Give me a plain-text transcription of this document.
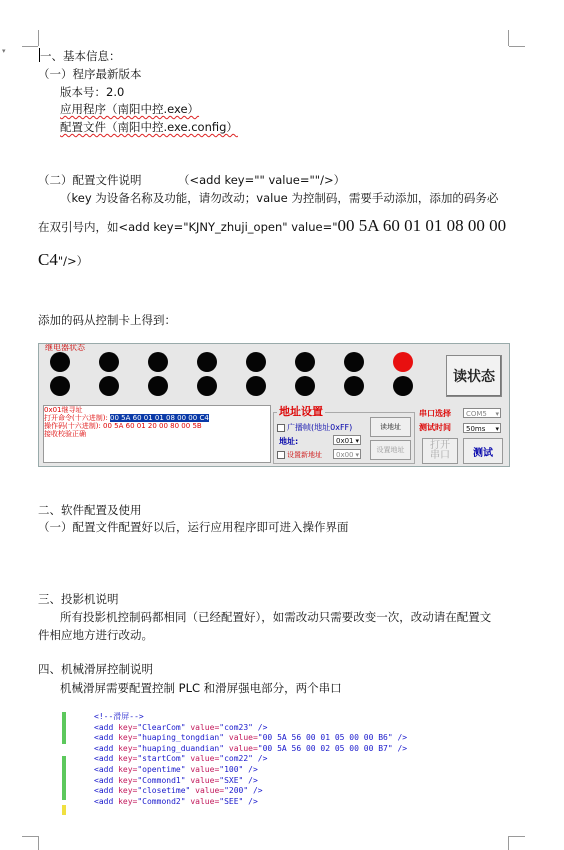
▾	一、基本信息：
（一）程序最新版本
版本号：2.0
应用程序（南阳中控.exe）
配置文件（南阳中控.exe.config）
（二）配置文件说明	（<add key="" value=""/>）
（key 为设备名称及功能，请勿改动；value 为控制码，需要手动添加，添加的码务必
在双引号内，如<add key="KJNY_zhuji_open" value="00 5A 60 01 01 08 00 00
C4"/>）
添加的码从控制卡上得到：
继电器状态
读状态
0x01继寻址
打开命令(十六进制): 00 5A 60 01 01 08 00 00 C4
操作码(十六进制): 00 5A 60 01 20 00 80 00 5B
接收校验正确
地址设置
广播帧(地址0xFF)
地址:	0x01 ▾
设置新地址	0x00 ▾
读地址
设置地址
串口选择	COM5 ▾
测试时间	50ms ▾
打开
串口	测试
二、软件配置及使用
（一）配置文件配置好以后，运行应用程序即可进入操作界面
三、投影机说明
所有投影机控制码都相同（已经配置好），如需改动只需要改变一次，改动请在配置文
件相应地方进行改动。
四、机械滑屏控制说明
机械滑屏需要配置控制 PLC 和滑屏强电部分，两个串口
<!--滑屏-->
<add key="ClearCom" value="com23" />
<add key="huaping_tongdian" value="00 5A 56 00 01 05 00 00 B6" />
<add key="huaping_duandian" value="00 5A 56 00 02 05 00 00 B7" />
<add key="startCom" value="com22" />
<add key="opentime" value="100" />
<add key="Commond1" value="SXE" />
<add key="closetime" value="200" />
<add key="Commond2" value="SEE" />
